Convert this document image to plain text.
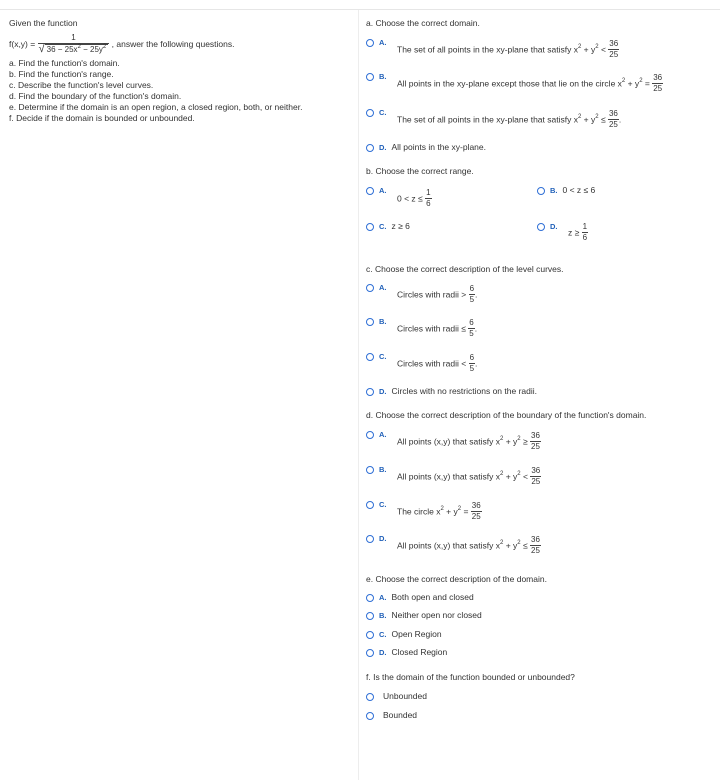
Given the function
$f(x,y) = \frac{1}{√ 36 - 25x^2 - 25y^2}$ , answer the following questions.
a. Find the function's domain.
b. Find the function's range.
c. Describe the function's level curves.
d. Find the boundary of the function's domain.
e. Determine if the domain is an open region, a closed region, both, or neither.
f. Decide if the domain is bounded or unbounded.
a. Choose the correct domain.
A.
The set of all points in the xy-plane that satisfy $x^2 + y^2 < \frac{36}{25}$
B.
All points in the xy-plane except those that lie on the circle $x^2 + y^2 = \frac{36}{25}$
C.
The set of all points in the xy-plane that satisfy $x^2 + y^2 \le \frac{36}{25}$ .
D. All points in the xy-plane.
b. Choose the correct range.
A.
$0 < z \le \frac{1}{6}$	B. 0 < z ≤ 6
C. z ≥ 6	D.
$z \ge \frac{1}{6}$
c. Choose the correct description of the level curves.
A.
Circles with radii > $\frac{6}{5}$ .
B.
Circles with radii ≤ $\frac{6}{5}$ .
C.
Circles with radii < $\frac{6}{5}$ .
D. Circles with no restrictions on the radii.
d. Choose the correct description of the boundary of the function's domain.
A.
All points (x,y) that satisfy $x^2 + y^2 \ge \frac{36}{25}$
B.
All points (x,y) that satisfy $x^2 + y^2 < \frac{36}{25}$
C.
The circle $x^2 + y^2 = \frac{36}{25}$
D.
All points (x,y) that satisfy $x^2 + y^2 \le \frac{36}{25}$
e. Choose the correct description of the domain.
A. Both open and closed
B. Neither open nor closed
C. Open Region
D. Closed Region
f. Is the domain of the function bounded or unbounded?
Unbounded
Bounded
